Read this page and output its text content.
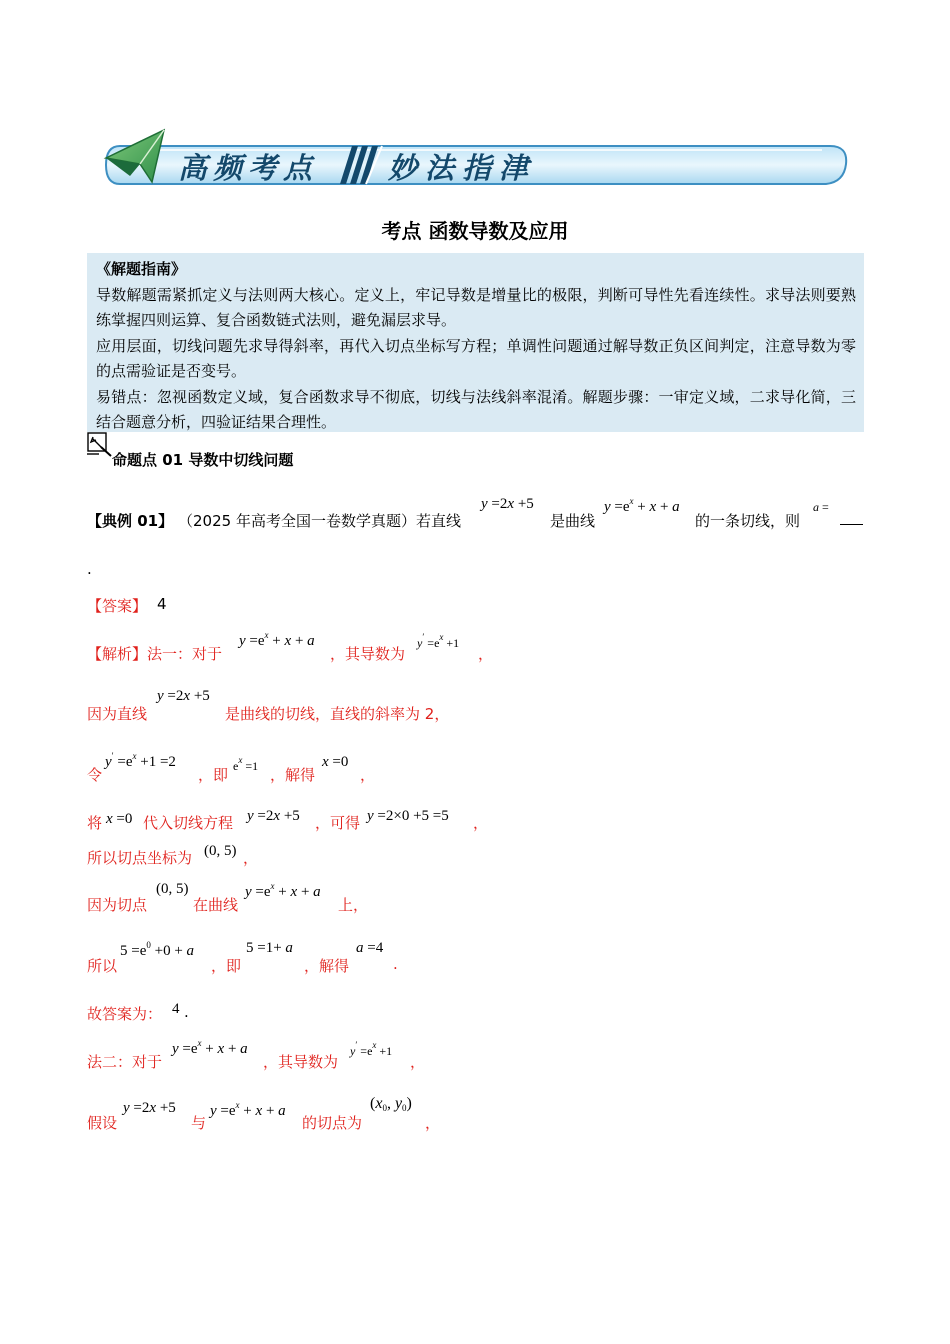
高频考点 妙法指津
考点 函数导数及应用

《解题指南》

导数解题需紧抓定义与法则两大核心。定义上，牢记导数是增量比的极限，判断可导性先看连续性。求导法则要熟练掌握四则运算、复合函数链式法则，避免漏层求导。

应用层面，切线问题先求导得斜率，再代入切点坐标写方程；单调性问题通过解导数正负区间判定，注意导数为零的点需验证是否变号。

易错点：忽视函数定义域，复合函数求导不彻底，切线与法线斜率混淆。解题步骤：一审定义域，二求导化简，三结合题意分析，四验证结果合理性。

命题点 01 导数中切线问题
【典例 01】 （2025 年高考全国一卷数学真题）若直线
y =2x +5
是曲线
$y =e^x + x + a$
的一条切线，则
a =
.
【答案】 4
【解析】法一：对于
$y =e^x + x + a$
，其导数为
$y' =e^x +1$
，
因为直线
y =2x +5
是曲线的切线，直线的斜率为 2，
令
$y' =e^x +1 =2$
，即 $e^x =1$ ，解得
x =0
，
将 x =0 代入切线方程 y =2x +5 ，可得 y =2×0 +5 =5 ，
所以切点坐标为 (0, 5) ，
因为切点
(0, 5)
在曲线
$y =e^x + x + a$
上，
所以
$5 =e^0 +0 + a$
，即
5 =1+ a
，解得
a =4
.
故答案为： 4 .
法二：对于
$y =e^x + x + a$
，其导数为
$y' =e^x +1$
，
假设
y =2x +5
与
$y =e^x + x + a$
的切点为
($x_0$, $y_0$)
，
